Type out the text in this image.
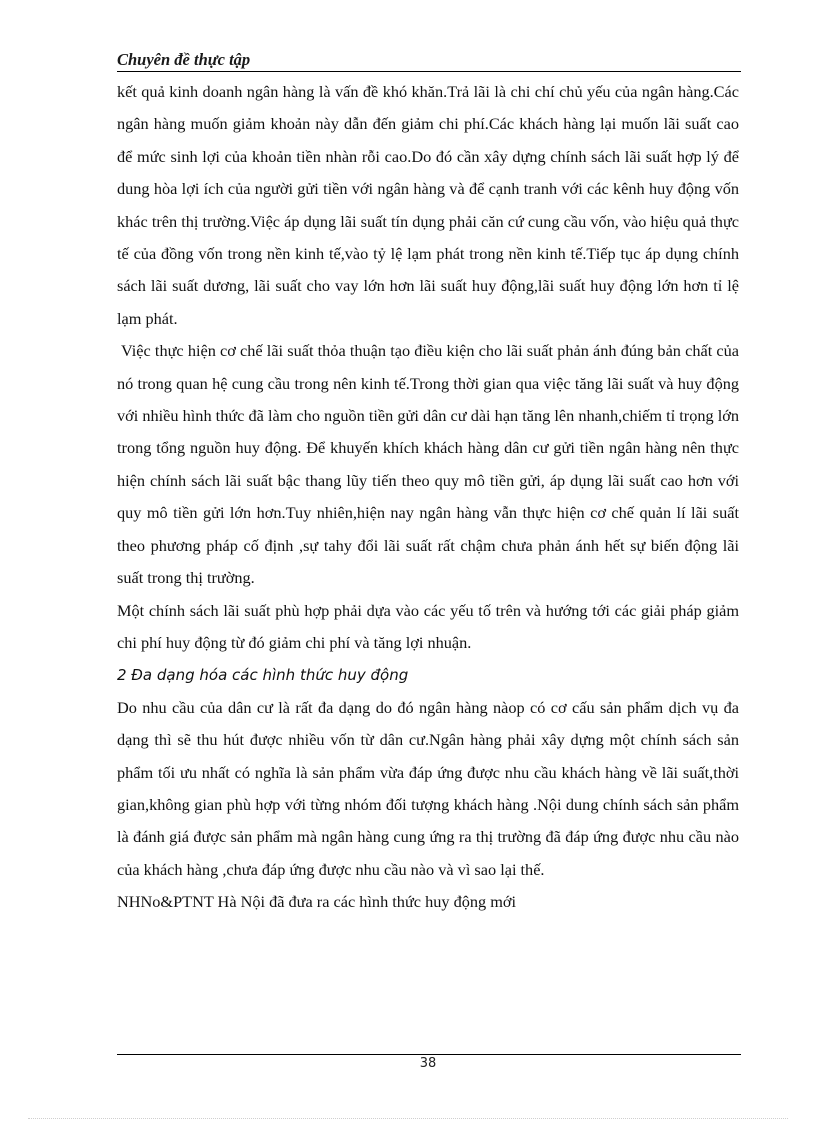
Chuyên đề thực tập

kết quả kinh doanh ngân hàng là vấn đề khó khăn.Trả lãi là chi chí chủ yếu của ngân hàng.Các ngân hàng muốn giảm khoản này dẫn đến giảm chi phí.Các khách hàng lại muốn lãi suất cao để mức sinh lợi của khoản tiền nhàn rỗi cao.Do đó cần xây dựng chính sách lãi suất hợp lý để dung hòa lợi ích của người gửi tiền với ngân hàng và để cạnh tranh với các kênh huy động vốn khác trên thị trường.Việc áp dụng lãi suất tín dụng phải căn cứ cung cầu vốn, vào hiệu quả thực tế của đồng vốn trong nền kinh tế,vào tỷ lệ lạm phát trong nền kinh tế.Tiếp tục áp dụng chính sách lãi suất dương, lãi suất cho vay lớn hơn lãi suất huy động,lãi suất huy động lớn hơn tỉ lệ lạm phát.

Việc thực hiện cơ chế lãi suất thỏa thuận tạo điều kiện cho lãi suất phản ánh đúng bản chất của nó trong quan hệ cung cầu trong nên kinh tế.Trong thời gian qua việc tăng lãi suất và huy động với nhiều hình thức đã làm cho nguồn tiền gửi dân cư dài hạn tăng lên nhanh,chiếm tỉ trọng lớn trong tổng nguồn huy động. Để khuyến khích khách hàng dân cư gửi tiền ngân hàng nên thực hiện chính sách lãi suất bậc thang lũy tiến theo quy mô tiền gửi, áp dụng lãi suất cao hơn với quy mô tiền gửi lớn hơn.Tuy nhiên,hiện nay ngân hàng vẫn thực hiện cơ chế quản lí lãi suất theo phương pháp cố định ,sự tahy đổi lãi suất rất chậm chưa phản ánh hết sự biến động lãi suất trong thị trường.

Một chính sách lãi suất phù hợp phải dựa vào các yếu tố trên và hướng tới các giải pháp giảm chi phí huy động từ đó giảm chi phí và tăng lợi nhuận.

2 Đa dạng hóa các hình thức huy động

Do nhu cầu của dân cư là rất đa dạng do đó ngân hàng nàop có cơ cấu sản phẩm dịch vụ đa dạng thì sẽ thu hút được nhiều vốn từ dân cư.Ngân hàng phải xây dựng một chính sách sản phẩm tối ưu nhất có nghĩa là sản phẩm vừa đáp ứng được nhu cầu khách hàng về lãi suất,thời gian,không gian phù hợp với từng nhóm đối tượng khách hàng .Nội dung chính sách sản phẩm là đánh giá được sản phẩm mà ngân hàng cung ứng ra thị trường đã đáp ứng được nhu cầu nào của khách hàng ,chưa đáp ứng được nhu cầu nào và vì sao lại thế.

NHNo&PTNT Hà Nội đã đưa ra các hình thức huy động mới

38
